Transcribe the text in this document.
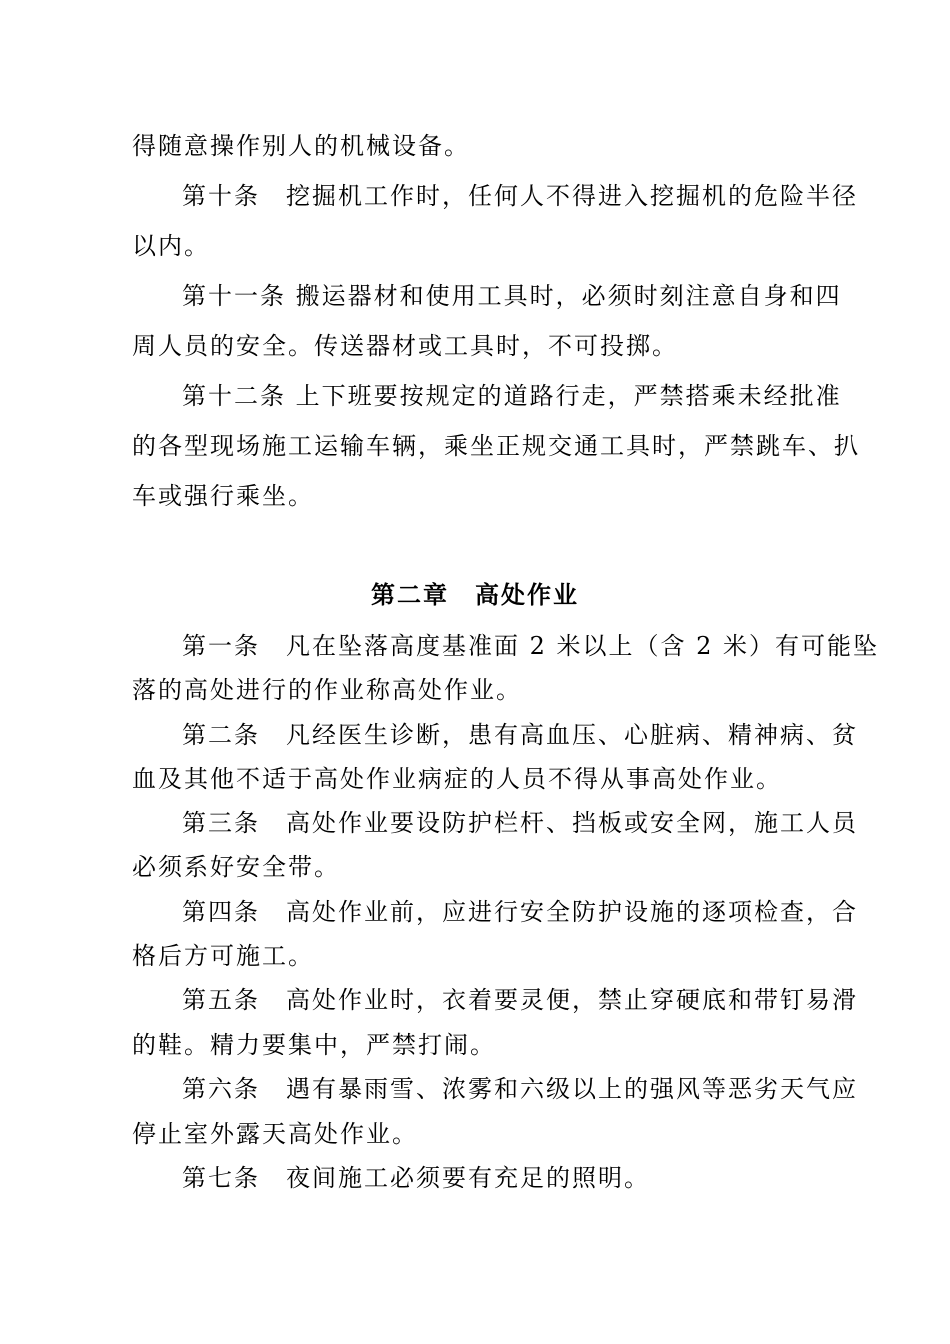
得随意操作别人的机械设备。
第十条　挖掘机工作时，任何人不得进入挖掘机的危险半径
以内。
第十一条 搬运器材和使用工具时，必须时刻注意自身和四
周人员的安全。传送器材或工具时，不可投掷。
第十二条 上下班要按规定的道路行走，严禁搭乘未经批准
的各型现场施工运输车辆，乘坐正规交通工具时，严禁跳车、扒
车或强行乘坐。
第二章　高处作业
第一条　凡在坠落高度基准面 2 米以上（含 2 米）有可能坠
落的高处进行的作业称高处作业。
第二条　凡经医生诊断，患有高血压、心脏病、精神病、贫
血及其他不适于高处作业病症的人员不得从事高处作业。
第三条　高处作业要设防护栏杆、挡板或安全网，施工人员
必须系好安全带。
第四条　高处作业前，应进行安全防护设施的逐项检查，合
格后方可施工。
第五条　高处作业时，衣着要灵便，禁止穿硬底和带钉易滑
的鞋。精力要集中，严禁打闹。
第六条　遇有暴雨雪、浓雾和六级以上的强风等恶劣天气应
停止室外露天高处作业。
第七条　夜间施工必须要有充足的照明。
